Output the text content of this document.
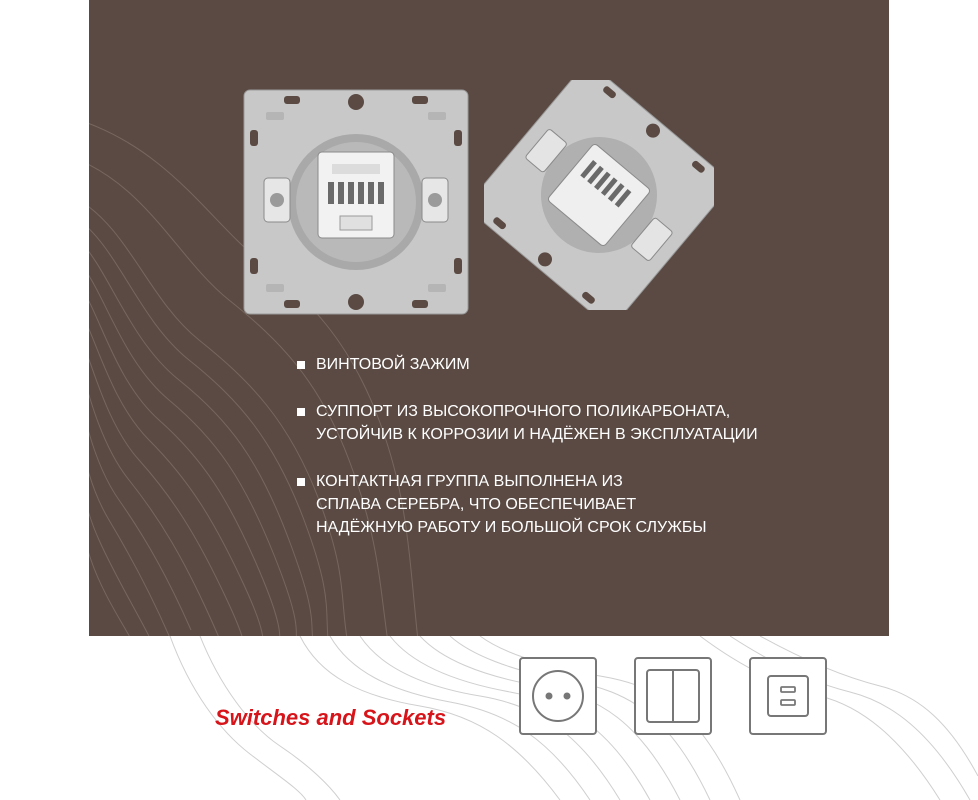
ВИНТОВОЙ ЗАЖИМ
СУППОРТ ИЗ ВЫСОКОПРОЧНОГО ПОЛИКАРБОНАТА,
УСТОЙЧИВ К КОРРОЗИИ И НАДЁЖЕН В ЭКСПЛУАТАЦИИ
КОНТАКТНАЯ ГРУППА ВЫПОЛНЕНА ИЗ
СПЛАВА СЕРЕБРА, ЧТО ОБЕСПЕЧИВАЕТ
НАДЁЖНУЮ РАБОТУ И БОЛЬШОЙ СРОК СЛУЖБЫ
Switches and Sockets
